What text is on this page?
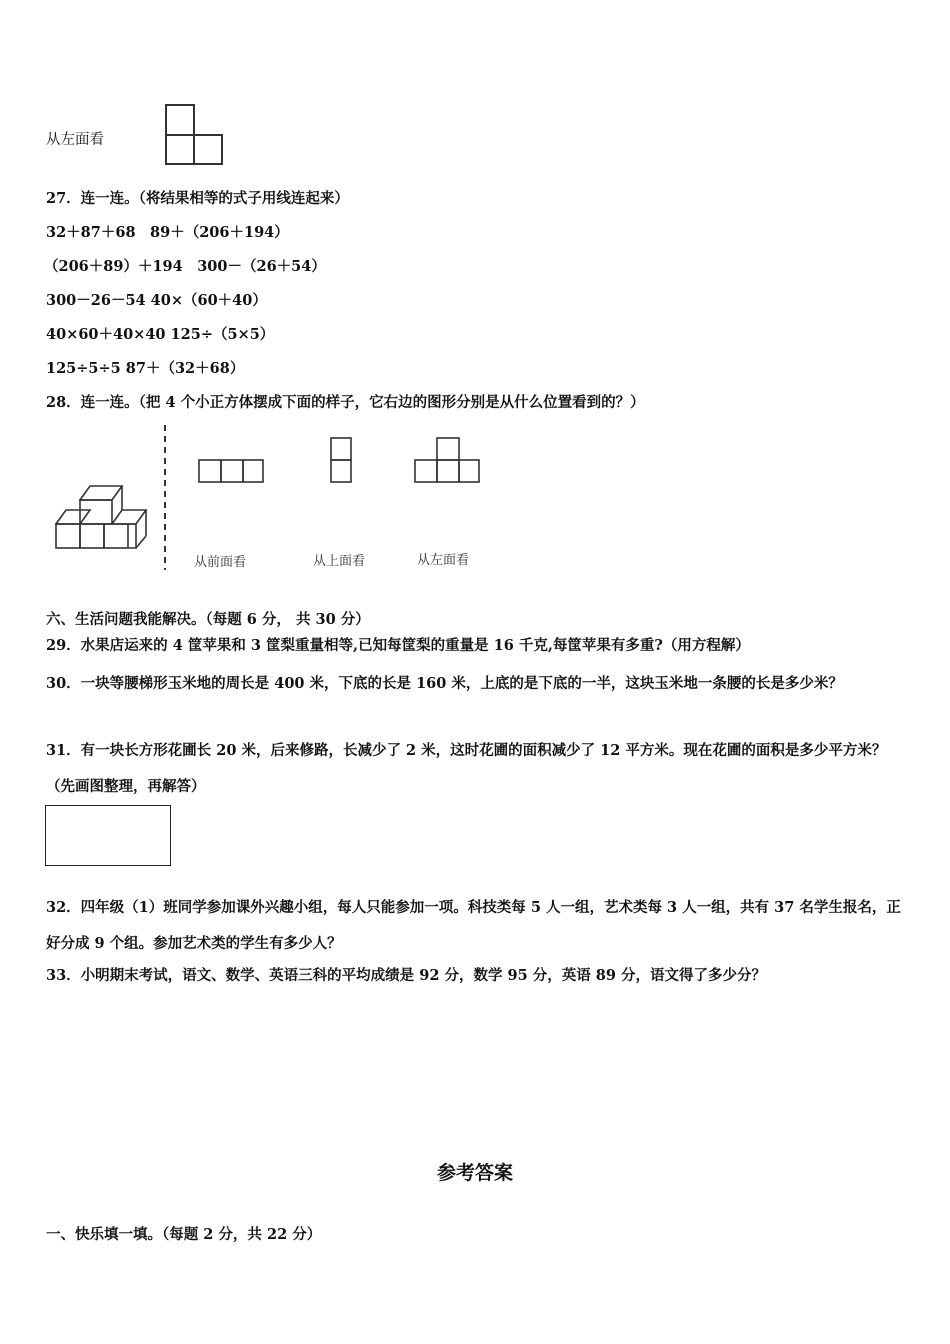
从左面看
27．连一连。（将结果相等的式子用线连起来）
32＋87＋68　89＋（206＋194）
（206＋89）＋194　300－（26＋54）
300－26－54 40×（60＋40）
40×60＋40×40 125÷（5×5）
125÷5÷5 87＋（32＋68）
28．连一连。（把 4 个小正方体摆成下面的样子，它右边的图形分别是从什么位置看到的？）
从前面看	从上面看	从左面看
六、生活问题我能解决。（每题 6 分， 共 30 分）
29．水果店运来的 4 筐苹果和 3 筐梨重量相等,已知每筐梨的重量是 16 千克,每筐苹果有多重?（用方程解）
30．一块等腰梯形玉米地的周长是 400 米，下底的长是 160 米，上底的是下底的一半，这块玉米地一条腰的长是多少米？
31．有一块长方形花圃长 20 米，后来修路，长减少了 2 米，这时花圃的面积减少了 12 平方米。现在花圃的面积是多少平方米？（先画图整理，再解答）
32．四年级（1）班同学参加课外兴趣小组，每人只能参加一项。科技类每 5 人一组，艺术类每 3 人一组，共有 37 名学生报名，正好分成 9 个组。参加艺术类的学生有多少人？
33．小明期末考试，语文、数学、英语三科的平均成绩是 92 分，数学 95 分，英语 89 分，语文得了多少分？
参考答案
一、快乐填一填。（每题 2 分，共 22 分）
